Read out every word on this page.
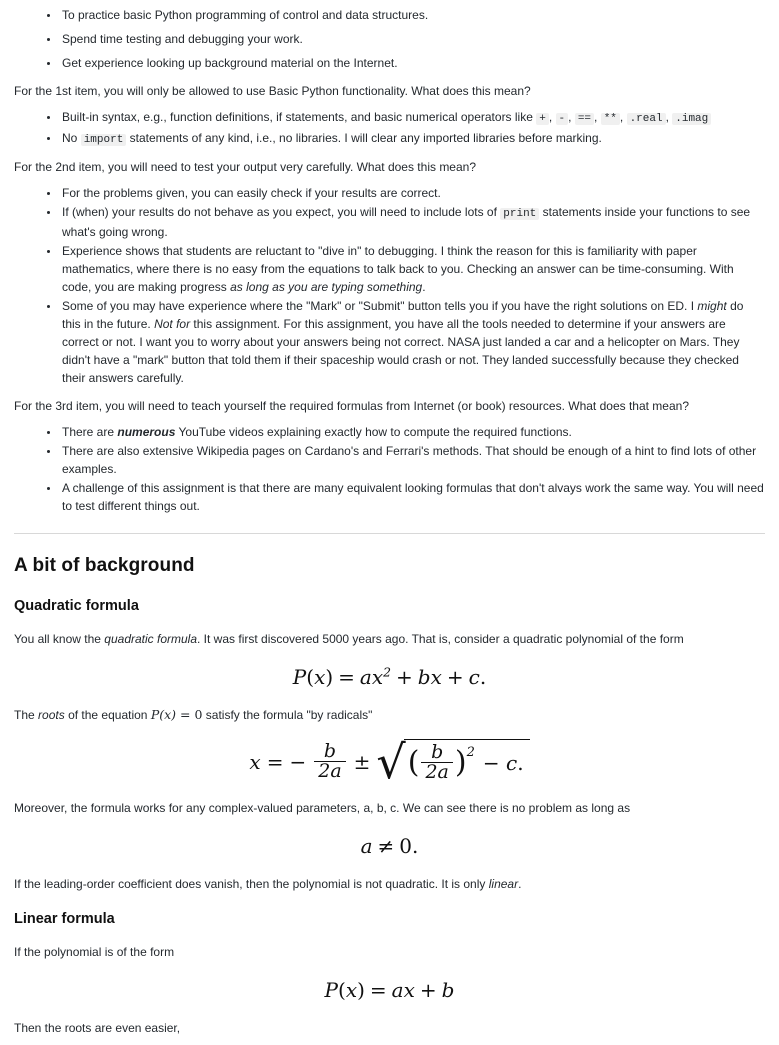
• To practice basic Python programming of control and data structures.
• Spend time testing and debugging your work.
• Get experience looking up background material on the Internet.

For the 1st item, you will only be allowed to use Basic Python functionality. What does this mean?

• Built-in syntax, e.g., function definitions, if statements, and basic numerical operators like + , - , == , ** , .real , .imag
• No import statements of any kind, i.e., no libraries. I will clear any imported libraries before marking.

For the 2nd item, you will need to test your output very carefully. What does this mean?

• For the problems given, you can easily check if your results are correct.
• If (when) your results do not behave as you expect, you will need to include lots of print statements inside your functions to see what's going wrong.
• Experience shows that students are reluctant to "dive in" to debugging. I think the reason for this is familiarity with paper mathematics, where there is no easy from the equations to talk back to you. Checking an answer can be time-consuming. With code, you are making progress as long as you are typing something.
• Some of you may have experience where the "Mark" or "Submit" button tells you if you have the right solutions on ED. I might do this in the future. Not for this assignment. For this assignment, you have all the tools needed to determine if your answers are correct or not. I want you to worry about your answers being not correct. NASA just landed a car and a helicopter on Mars. They didn't have a "mark" button that told them if their spaceship would crash or not. They landed successfully because they checked their answers carefully.

For the 3rd item, you will need to teach yourself the required formulas from Internet (or book) resources. What does that mean?

• There are numerous YouTube videos explaining exactly how to compute the required functions.
• There are also extensive Wikipedia pages on Cardano's and Ferrari's methods. That should be enough of a hint to find lots of other examples.
• A challenge of this assignment is that there are many equivalent looking formulas that don't alvays work the same way. You will need to test different things out.
A bit of background
Quadratic formula

You all know the quadratic formula. It was first discovered 5000 years ago. That is, consider a quadratic polynomial of the form

$P(x) = ax^2$ + bx + c.

The roots of the equation P(x) = 0 satisfy the formula "by radicals"

x = − $\frac{b}{2a}$ ± √ ( $\frac{b}{2a}$ ) 2 − c.

Moreover, the formula works for any complex-valued parameters, a, b, c. We can see there is no problem as long as

a ≠ 0.

If the leading-order coefficient does vanish, then the polynomial is not quadratic. It is only linear.

Linear formula

If the polynomial is of the form

P(x) = ax + b

Then the roots are even easier,
